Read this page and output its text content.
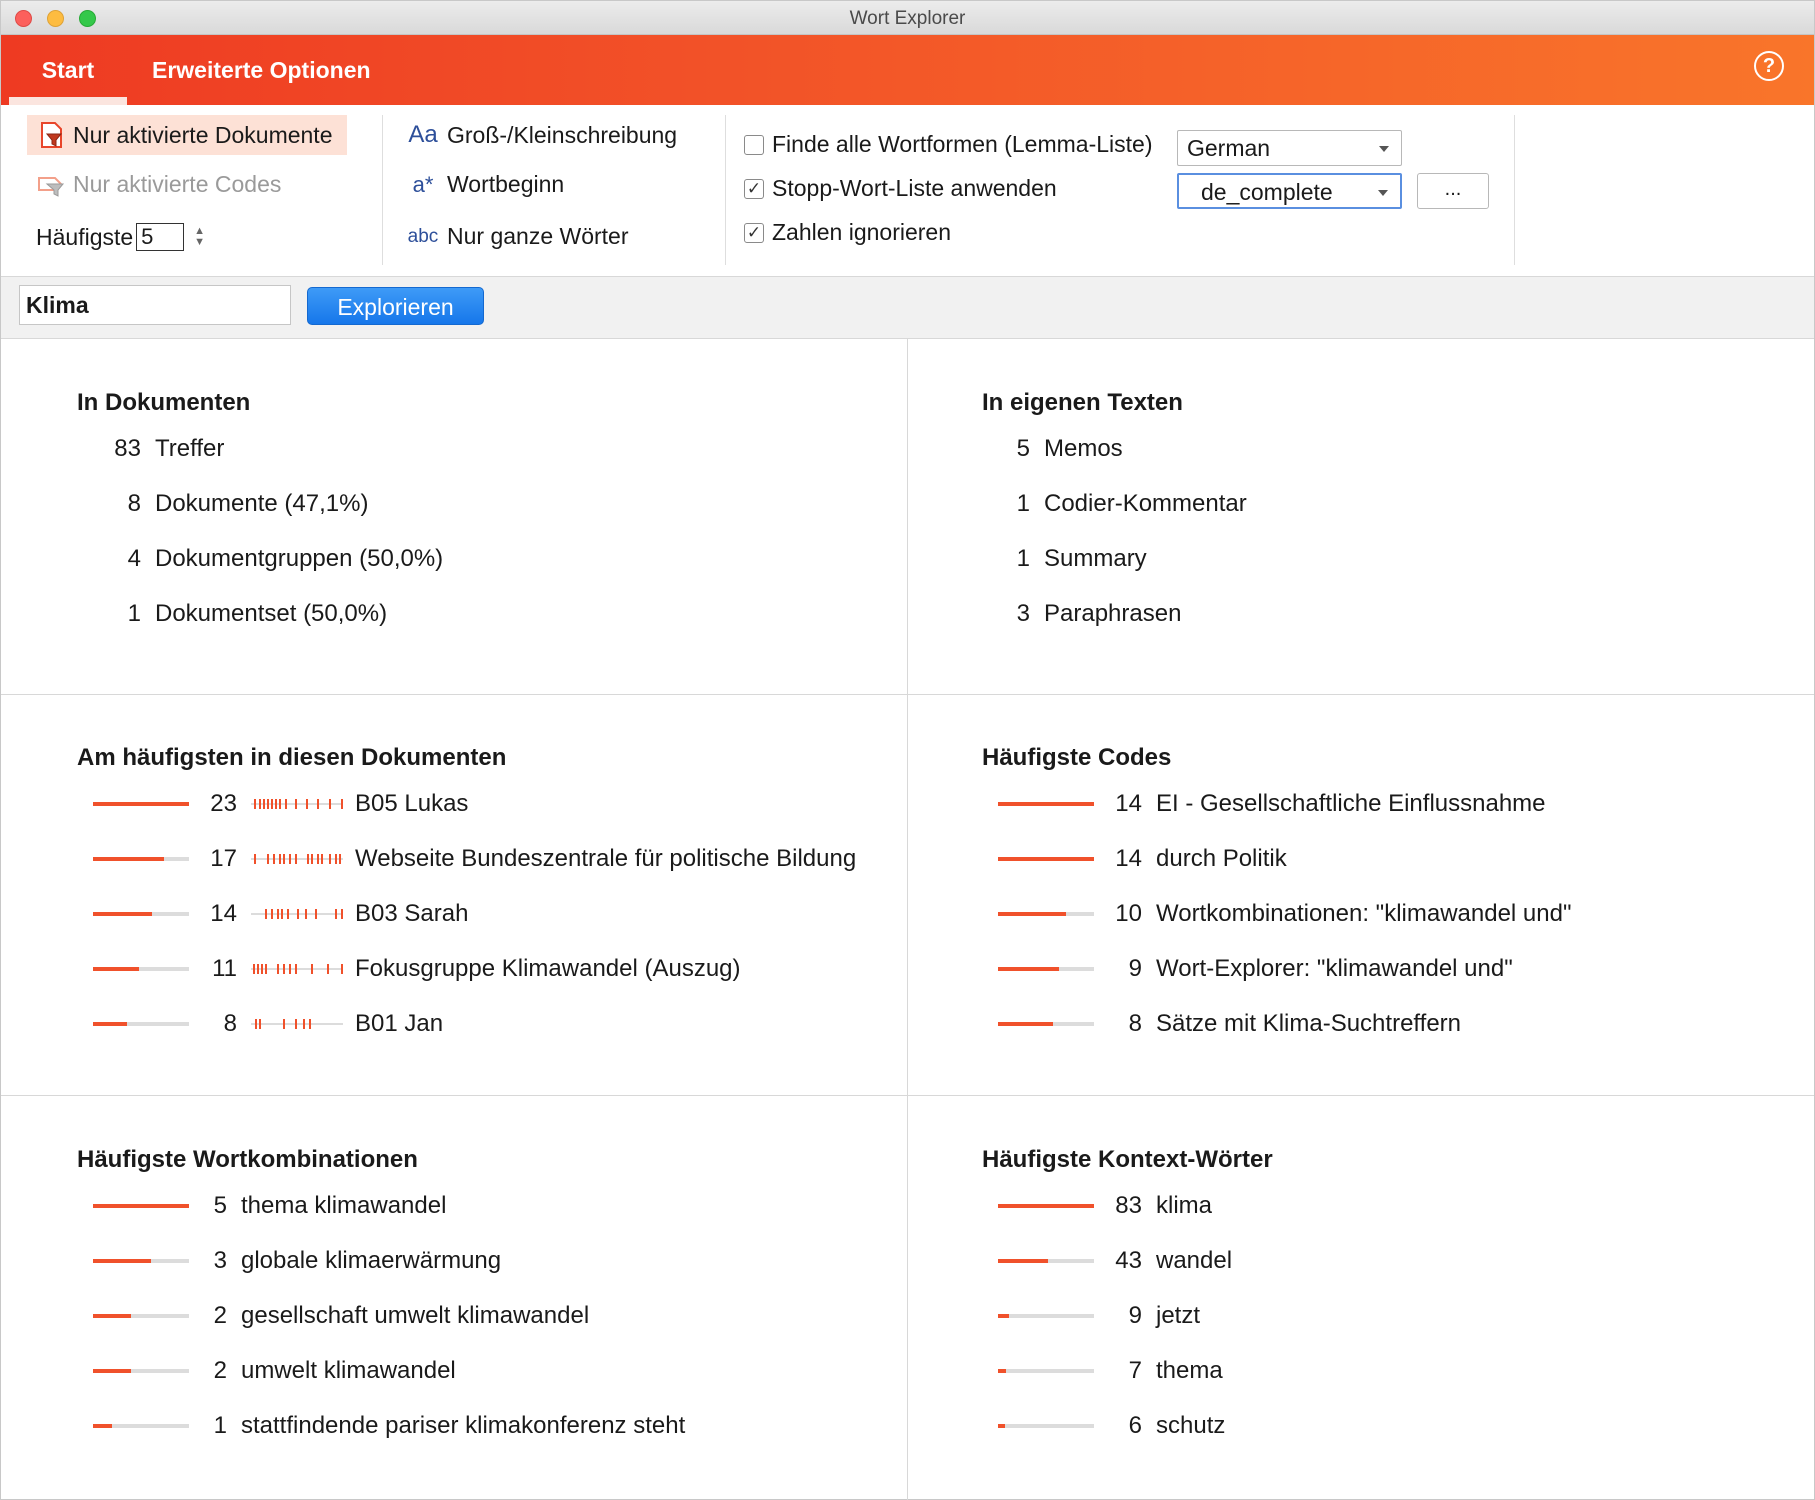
Wort Explorer
Start	Erweiterte Optionen	?
Nur aktivierte Dokumente
Nur aktivierte Codes
Häufigste 5	▲
▼
Aa Groß-/Kleinschreibung
a* Wortbeginn
abc Nur ganze Wörter
Finde alle Wortformen (Lemma-Liste)
✓ Stopp-Wort-Liste anwenden
✓ Zahlen ignorieren
German
de_complete	...
Klima	Explorieren
In Dokumenten
83 Treffer
8 Dokumente (47,1%)
4 Dokumentgruppen (50,0%)
1 Dokumentset (50,0%)
In eigenen Texten
5 Memos
1 Codier-Kommentar
1 Summary
3 Paraphrasen
Am häufigsten in diesen Dokumenten
23	B05 Lukas
17	Webseite Bundeszentrale für politische Bildung
14	B03 Sarah
11	Fokusgruppe Klimawandel (Auszug)
8	B01 Jan
Häufigste Codes
14 EI - Gesellschaftliche Einflussnahme
14 durch Politik
10 Wortkombinationen: "klimawandel und"
9 Wort-Explorer: "klimawandel und"
8 Sätze mit Klima-Suchtreffern
Häufigste Wortkombinationen
5 thema klimawandel
3 globale klimaerwärmung
2 gesellschaft umwelt klimawandel
2 umwelt klimawandel
1 stattfindende pariser klimakonferenz steht
Häufigste Kontext-Wörter
83 klima
43 wandel
9 jetzt
7 thema
6 schutz
